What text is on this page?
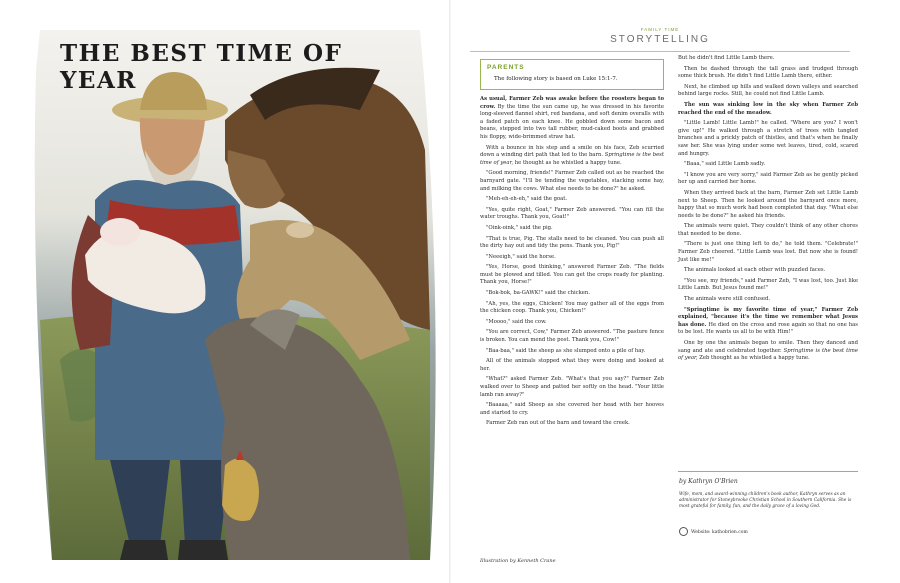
THE BEST TIME OF YEAR
FAMILY TIME
STORYTELLING
PARENTS
The following story is based on Luke 15:1-7.

As usual, Farmer Zeb was awake before the roosters began to crow. By the time the sun came up, he was dressed in his favorite long-sleeved flannel shirt, red bandana, and soft denim overalls with a faded patch on each knee. He gobbled down some bacon and beans, stepped into two tall rubber, mud-caked boots and grabbed his floppy, wide-brimmed straw hat.

With a bounce in his step and a smile on his face, Zeb scurried down a winding dirt path that led to the barn. Springtime is the best time of year, he thought as he whistled a happy tune.

"Good morning, friends!" Farmer Zeb called out as he reached the barnyard gate. "I'll be tending the vegetables, stacking some hay, and milking the cows. What else needs to be done?" he asked.

"Meh-eh-eh-eh," said the goat.

"Yes, quite right, Goat," Farmer Zeb answered. "You can fill the water troughs. Thank you, Goat!"

"Oink-oink," said the pig.

"That is true, Pig. The stalls need to be cleaned. You can push all the dirty hay out and tidy the pens. Thank you, Pig!"

"Neeeigh," said the horse.

"Yes, Horse, good thinking," answered Farmer Zeb. "The fields must be plowed and tilled. You can get the crops ready for planting. Thank you, Horse!"

"Bok-bok, ba-GAWK!" said the chicken.

"Ah, yes, the eggs, Chicken! You may gather all of the eggs from the chicken coop. Thank you, Chicken!"

"Moooo," said the cow.

"You are correct, Cow," Farmer Zeb answered. "The pasture fence is broken. You can mend the post. Thank you, Cow!"

"Baa-baa," said the sheep as she slumped onto a pile of hay.

All of the animals stopped what they were doing and looked at her.

"What?" asked Farmer Zeb. "What's that you say?" Farmer Zeb walked over to Sheep and patted her softly on the head. "Your little lamb ran away?"

"Baaaaa," said Sheep as she covered her head with her hooves and started to cry.

Farmer Zeb ran out of the barn and toward the creek.

But he didn't find Little Lamb there.

Then he dashed through the tall grass and trudged through some thick brush. He didn't find Little Lamb there, either.

Next, he climbed up hills and walked down valleys and searched behind large rocks. Still, he could not find Little Lamb.

The sun was sinking low in the sky when Farmer Zeb reached the end of the meadow.

"Little Lamb! Little Lamb!" he called. "Where are you? I won't give up!" He walked through a stretch of trees with tangled branches and a prickly patch of thistles, and that's when he finally saw her. She was lying under some wet leaves, tired, cold, scared and hungry.

"Baaa," said Little Lamb sadly.

"I know you are very sorry," said Farmer Zeb as he gently picked her up and carried her home.

When they arrived back at the barn, Farmer Zeb set Little Lamb next to Sheep. Then he looked around the barnyard once more, happy that so much work had been completed that day. "What else needs to be done?" he asked his friends.

The animals were quiet. They couldn't think of any other chores that needed to be done.

"There is just one thing left to do," he told them. "Celebrate!" Farmer Zeb cheered. "Little Lamb was lost. But now she is found! Just like me!"

The animals looked at each other with puzzled faces.

"You see, my friends," said Farmer Zeb, "I was lost, too. Just like Little Lamb. But Jesus found me!"

The animals were still confused.

"Springtime is my favorite time of year," Farmer Zeb explained, "because it's the time we remember what Jesus has done. He died on the cross and rose again so that no one has to be lost. He wants us all to be with Him!"

One by one the animals began to smile. Then they danced and sang and ate and celebrated together. Springtime is the best time of year, Zeb thought as he whistled a happy tune.

by Kathryn O'Brien
Wife, mom, and award-winning children's book author, Kathryn serves as an administrator for Stoneybrooke Christian School in Southern California. She is most grateful for family, fun, and the daily grace of a loving God.
Website: kathobrien.com
Illustration by Kenneth Crane
